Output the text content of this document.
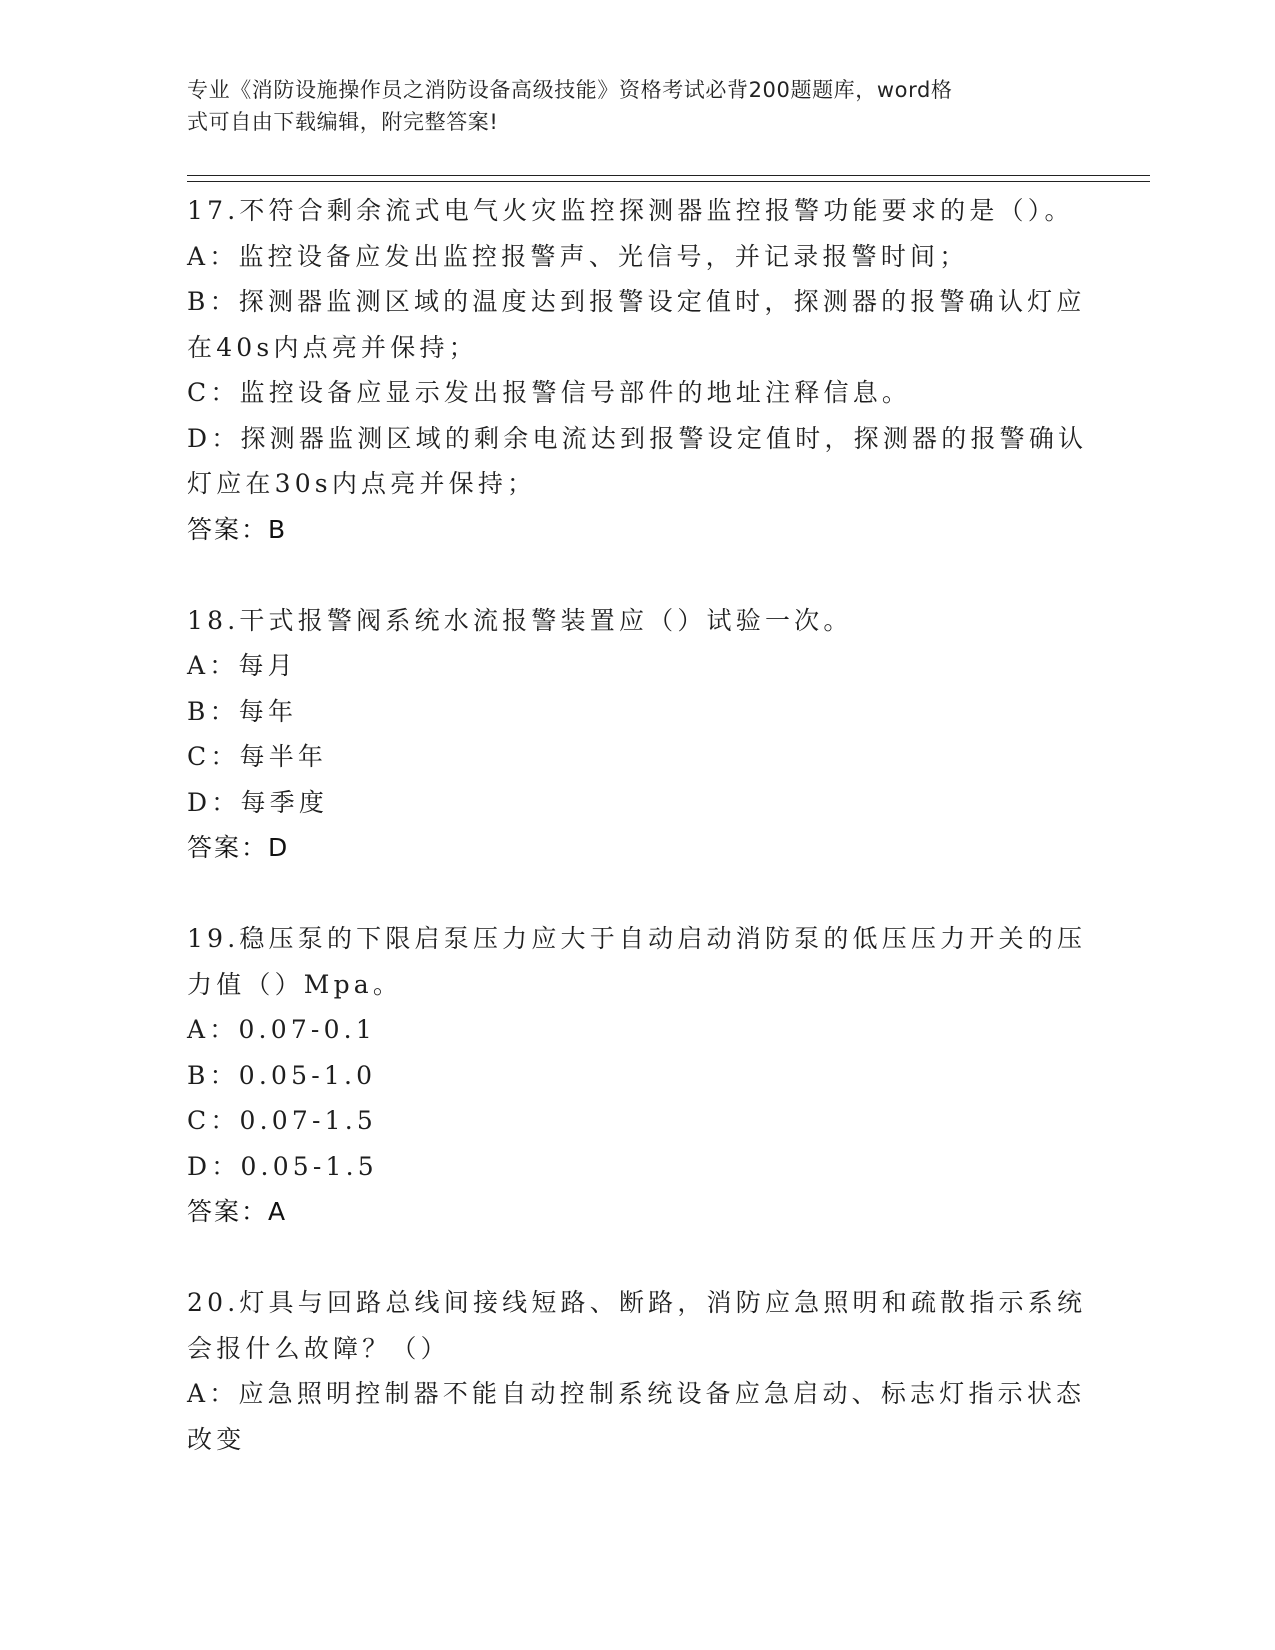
专业《消防设施操作员之消防设备高级技能》资格考试必背200题题库，word格
式可自由下载编辑，附完整答案!
17.不符合剩余流式电气火灾监控探测器监控报警功能要求的是（）。
A：监控设备应发出监控报警声、光信号，并记录报警时间；
B：探测器监测区域的温度达到报警设定值时，探测器的报警确认灯应
在40s内点亮并保持；
C：监控设备应显示发出报警信号部件的地址注释信息。
D：探测器监测区域的剩余电流达到报警设定值时，探测器的报警确认
灯应在30s内点亮并保持；
答案：B
18.干式报警阀系统水流报警装置应（）试验一次。
A：每月
B：每年
C：每半年
D：每季度
答案：D
19.稳压泵的下限启泵压力应大于自动启动消防泵的低压压力开关的压
力值（）Mpa。
A：0.07-0.1
B：0.05-1.0
C：0.07-1.5
D：0.05-1.5
答案：A
20.灯具与回路总线间接线短路、断路，消防应急照明和疏散指示系统
会报什么故障？（）
A：应急照明控制器不能自动控制系统设备应急启动、标志灯指示状态
改变
